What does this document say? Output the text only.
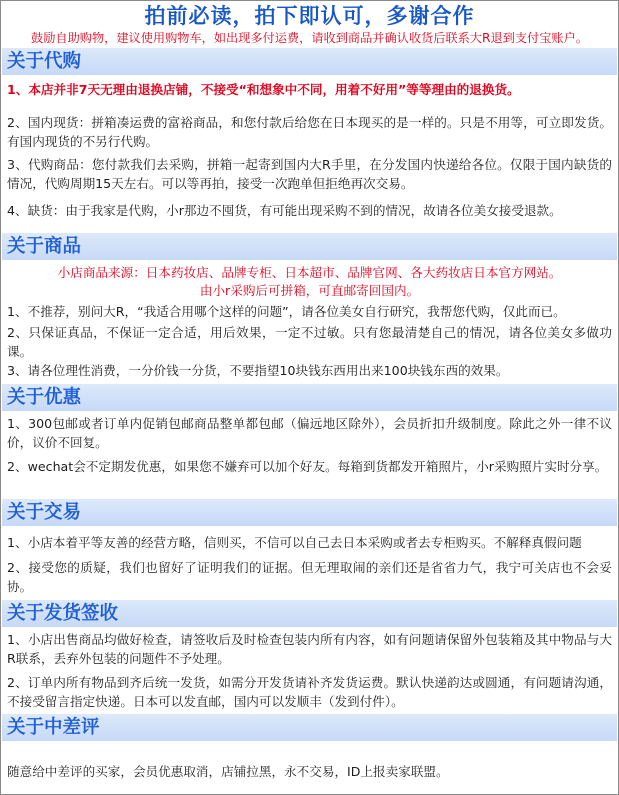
拍前必读，拍下即认可，多谢合作
鼓励自助购物，建议使用购物车，如出现多付运费，请收到商品并确认收货后联系大R退到支付宝账户。
关于代购
1、本店并非7天无理由退换店铺，不接受“和想象中不同，用着不好用”等等理由的退换货。
2、国内现货：拼箱凑运费的富裕商品，和您付款后给您在日本现买的是一样的。只是不用等，可立即发货。有国内现货的不另行代购。
3、代购商品：您付款我们去采购，拼箱一起寄到国内大R手里，在分发国内快递给各位。仅限于国内缺货的情况，代购周期15天左右。可以等再拍，接受一次跑单但拒绝再次交易。
4、缺货：由于我家是代购，小r那边不囤货，有可能出现采购不到的情况，故请各位美女接受退款。
关于商品
小店商品来源：日本药妆店、品牌专柜、日本超市、品牌官网、各大药妆店日本官方网站。
由小r采购后可拼箱，可直邮寄回国内。
1、不推荐，别问大R，“我适合用哪个这样的问题”，请各位美女自行研究，我帮您代购，仅此而已。
2、只保证真品，不保证一定合适，用后效果，一定不过敏。只有您最清楚自己的情况，请各位美女多做功课。
3、请各位理性消费，一分价钱一分货，不要指望10块钱东西用出来100块钱东西的效果。
关于优惠
1、300包邮或者订单内促销包邮商品整单都包邮（偏远地区除外），会员折扣升级制度。除此之外一律不议价，议价不回复。
2、wechat会不定期发优惠，如果您不嫌弃可以加个好友。每箱到货都发开箱照片，小r采购照片实时分享。
关于交易
1、小店本着平等友善的经营方略，信则买，不信可以自己去日本采购或者去专柜购买。不解释真假问题
2、接受您的质疑，我们也留好了证明我们的证据。但无理取闹的亲们还是省省力气，我宁可关店也不会妥协。
关于发货签收
1、小店出售商品均做好检查，请签收后及时检查包装内所有内容，如有问题请保留外包装箱及其中物品与大R联系，丢弃外包装的问题件不予处理。
2、订单内所有物品到齐后统一发货，如需分开发货请补齐发货运费。默认快递韵达或圆通，有问题请沟通，不接受留言指定快递。日本可以发直邮，国内可以发顺丰（发到付件）。
关于中差评
随意给中差评的买家，会员优惠取消，店铺拉黑，永不交易，ID上报卖家联盟。
